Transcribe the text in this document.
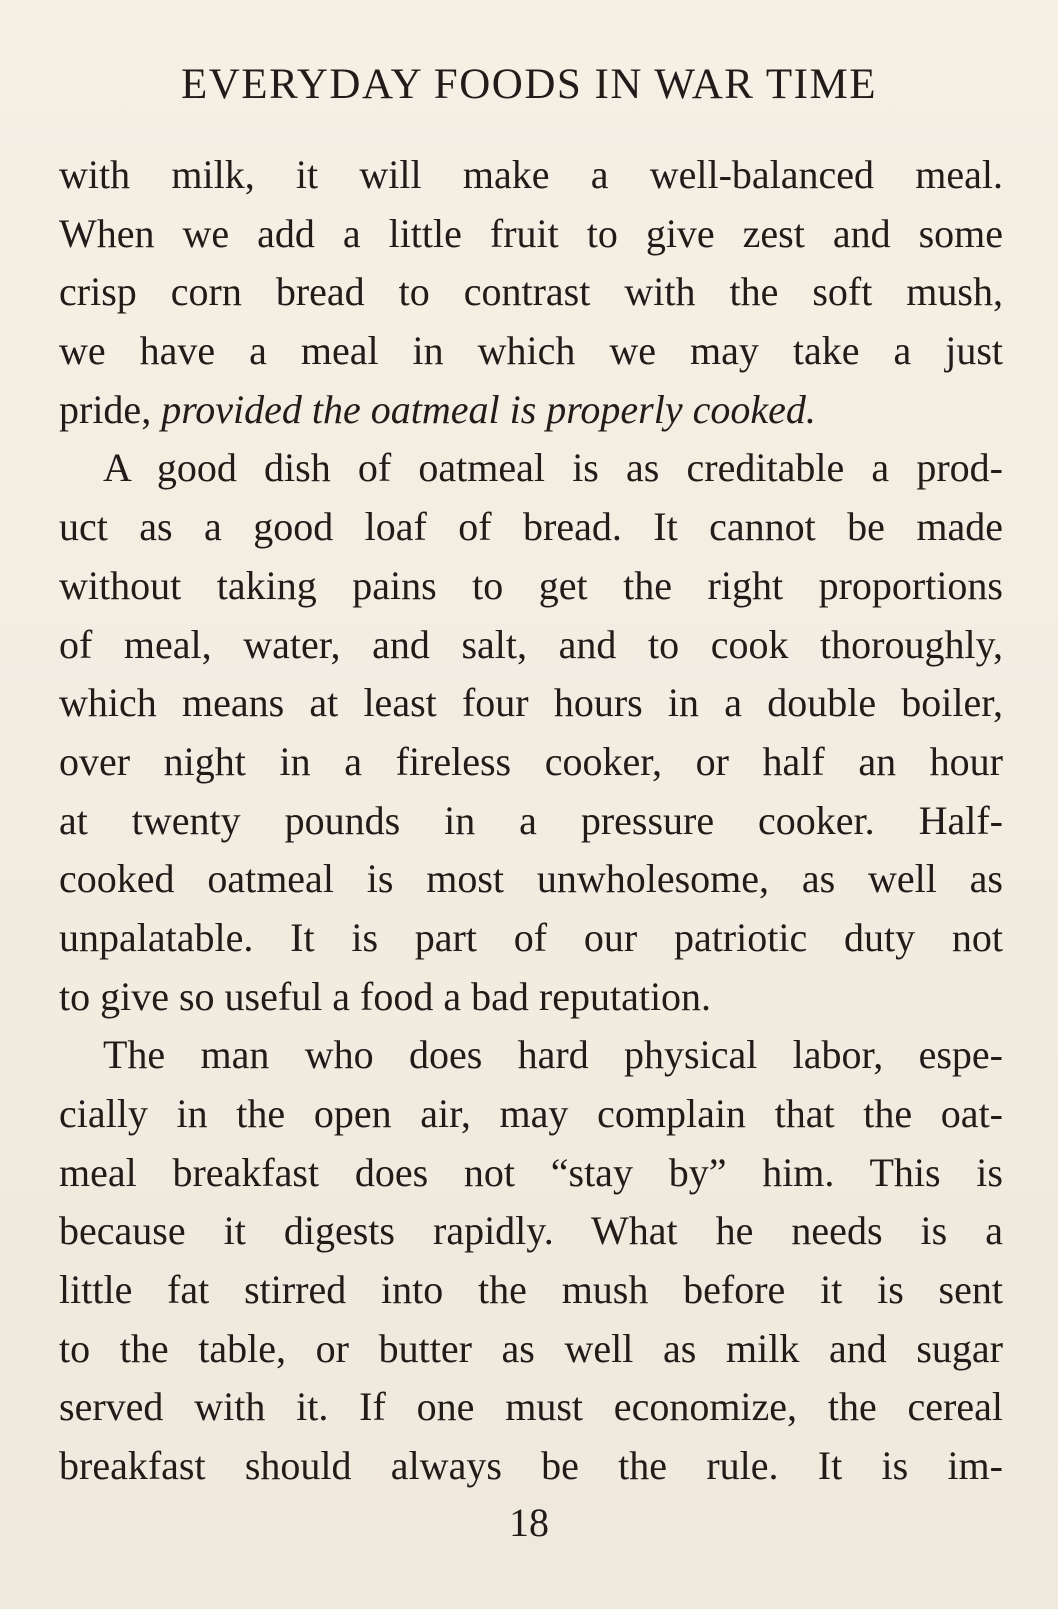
EVERYDAY FOODS IN WAR TIME
with milk, it will make a well-balanced meal.
When we add a little fruit to give zest and some
crisp corn bread to contrast with the soft mush,
we have a meal in which we may take a just
pride, provided the oatmeal is properly cooked.
A good dish of oatmeal is as creditable a prod-
uct as a good loaf of bread. It cannot be made
without taking pains to get the right proportions
of meal, water, and salt, and to cook thoroughly,
which means at least four hours in a double boiler,
over night in a fireless cooker, or half an hour
at twenty pounds in a pressure cooker. Half-
cooked oatmeal is most unwholesome, as well as
unpalatable. It is part of our patriotic duty not
to give so useful a food a bad reputation.
The man who does hard physical labor, espe-
cially in the open air, may complain that the oat-
meal breakfast does not “stay by” him. This is
because it digests rapidly. What he needs is a
little fat stirred into the mush before it is sent
to the table, or butter as well as milk and sugar
served with it. If one must economize, the cereal
breakfast should always be the rule. It is im-
18
